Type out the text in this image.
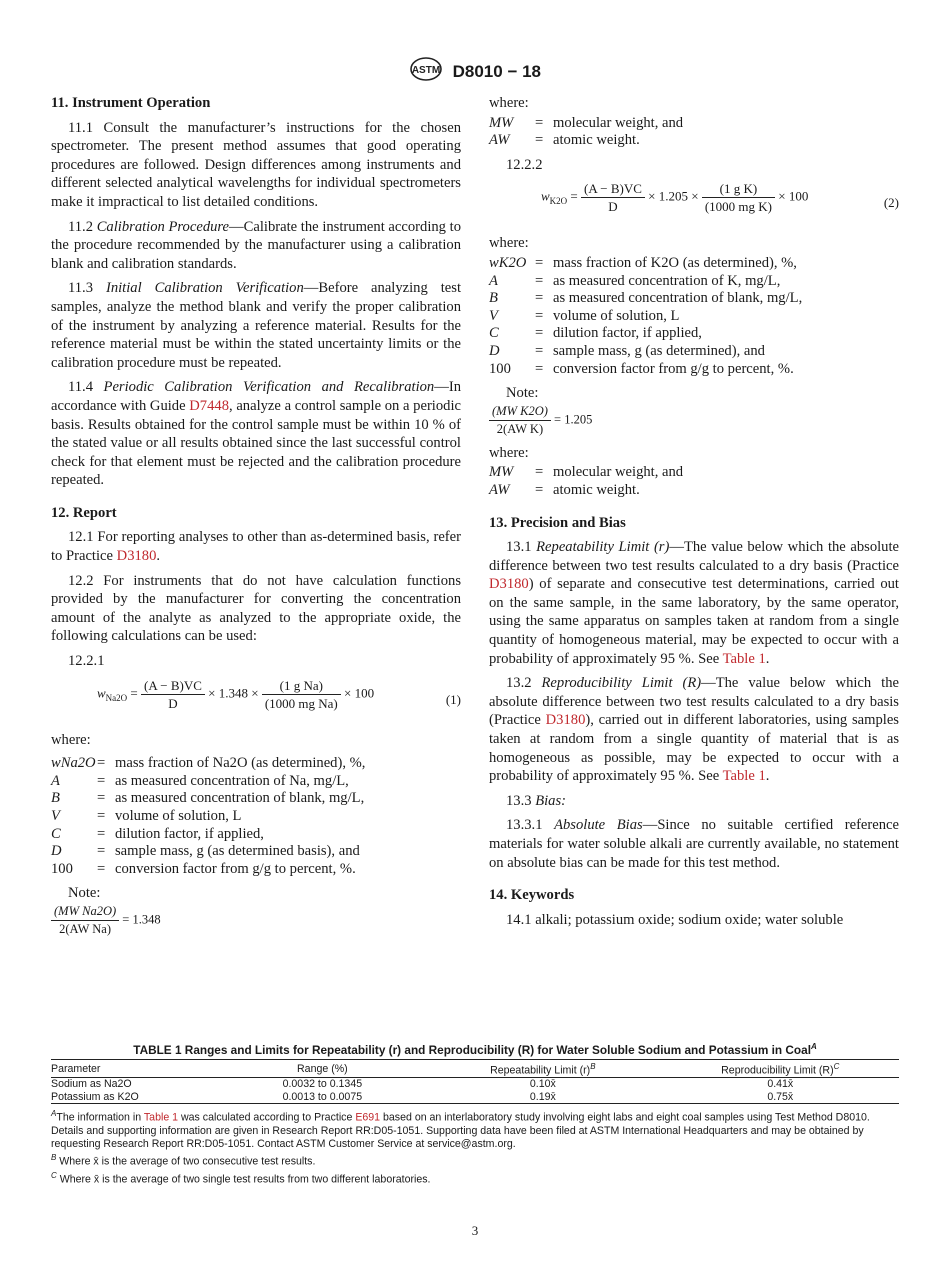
ASTM D8010 − 18
11. Instrument Operation

11.1 Consult the manufacturer’s instructions for the chosen spectrometer. The present method assumes that good operating procedures are followed. Design differences among instruments and different selected analytical wavelengths for individual spectrometers make it impractical to list detailed conditions.

11.2 Calibration Procedure—Calibrate the instrument according to the procedure recommended by the manufacturer using a calibration blank and calibration standards.

11.3 Initial Calibration Verification—Before analyzing test samples, analyze the method blank and verify the proper calibration of the instrument by analyzing a reference material. Results for the reference material must be within the stated uncertainty limits or the calibration procedure must be repeated.

11.4 Periodic Calibration Verification and Recalibration—In accordance with Guide D7448, analyze a control sample on a periodic basis. Results obtained for the control sample must be within 10 % of the stated value or all results obtained since the last successful control check for that element must be rejected and the calibration procedure repeated.

12. Report

12.1 For reporting analyses to other than as-determined basis, refer to Practice D3180.

12.2 For instruments that do not have calculation functions provided by the manufacturer for converting the concentration amount of the analyte as analyzed to the appropriate oxide, the following calculations can be used:

12.2.1

$w_{Na2O} = \frac{(A - B)VC}{D} \times 1.348 \times \frac{\text{(1 g Na)}}{\text{(1000 mg Na)}} \times 100$	(1)

where:

wNa2O	=	mass fraction of Na2O (as determined), %,
A	=	as measured concentration of Na, mg/L,
B	=	as measured concentration of blank, mg/L,
V	=	volume of solution, L
C	=	dilution factor, if applied,
D	=	sample mass, g (as determined basis), and
100	=	conversion factor from g/g to percent, %.

Note:

$\frac{\text{(MW Na2O)}}{\text{2(AW Na)}} = 1.348$

where:

MW	=	molecular weight, and
AW	=	atomic weight.

12.2.2

$w_{K2O} = \frac{(A - B)VC}{D} \times 1.205 \times \frac{\text{(1 g K)}}{\text{(1000 mg K)}} \times 100$	(2)

where:

wK2O	=	mass fraction of K2O (as determined), %,
A	=	as measured concentration of K, mg/L,
B	=	as measured concentration of blank, mg/L,
V	=	volume of solution, L
C	=	dilution factor, if applied,
D	=	sample mass, g (as determined), and
100	=	conversion factor from g/g to percent, %.

Note:

$\frac{\text{(MW K2O)}}{\text{2(AW K)}} = 1.205$

where:

MW	=	molecular weight, and
AW	=	atomic weight.
13. Precision and Bias

13.1 Repeatability Limit (r)—The value below which the absolute difference between two test results calculated to a dry basis (Practice D3180) of separate and consecutive test determinations, carried out on the same sample, in the same laboratory, by the same operator, using the same apparatus on samples taken at random from a single quantity of homogeneous material, may be expected to occur with a probability of approximately 95 %. See Table 1.

13.2 Reproducibility Limit (R)—The value below which the absolute difference between two test results calculated to a dry basis (Practice D3180), carried out in different laboratories, using samples taken at random from a single quantity of material that is as homogeneous as possible, may be expected to occur with a probability of approximately 95 %. See Table 1.

13.3 Bias:

13.3.1 Absolute Bias—Since no suitable certified reference materials for water soluble alkali are currently available, no statement on absolute bias can be made for this test method.

14. Keywords

14.1 alkali; potassium oxide; sodium oxide; water soluble

TABLE 1 Ranges and Limits for Repeatability (r) and Reproducibility (R) for Water Soluble Sodium and Potassium in Coal$^A$
Parameter	Range (%)	Repeatability Limit $(r)^B$	Reproducibility Limit $(R)^C$
Sodium as Na2O	0.0032 to 0.1345	0.10x̄	0.41x̄
Potassium as K2O	0.0013 to 0.0075	0.19x̄	0.75x̄

$^A$The information in Table 1 was calculated according to Practice E691 based on an interlaboratory study involving eight labs and eight coal samples using Test Method D8010. Details and supporting information are given in Research Report RR:D05-1051. Supporting data have been filed at ASTM International Headquarters and may be obtained by requesting Research Report RR:D05-1051. Contact ASTM Customer Service at service@astm.org.

$^B$ Where x̄ is the average of two consecutive test results.

$^C$ Where x̄ is the average of two single test results from two different laboratories.

3
